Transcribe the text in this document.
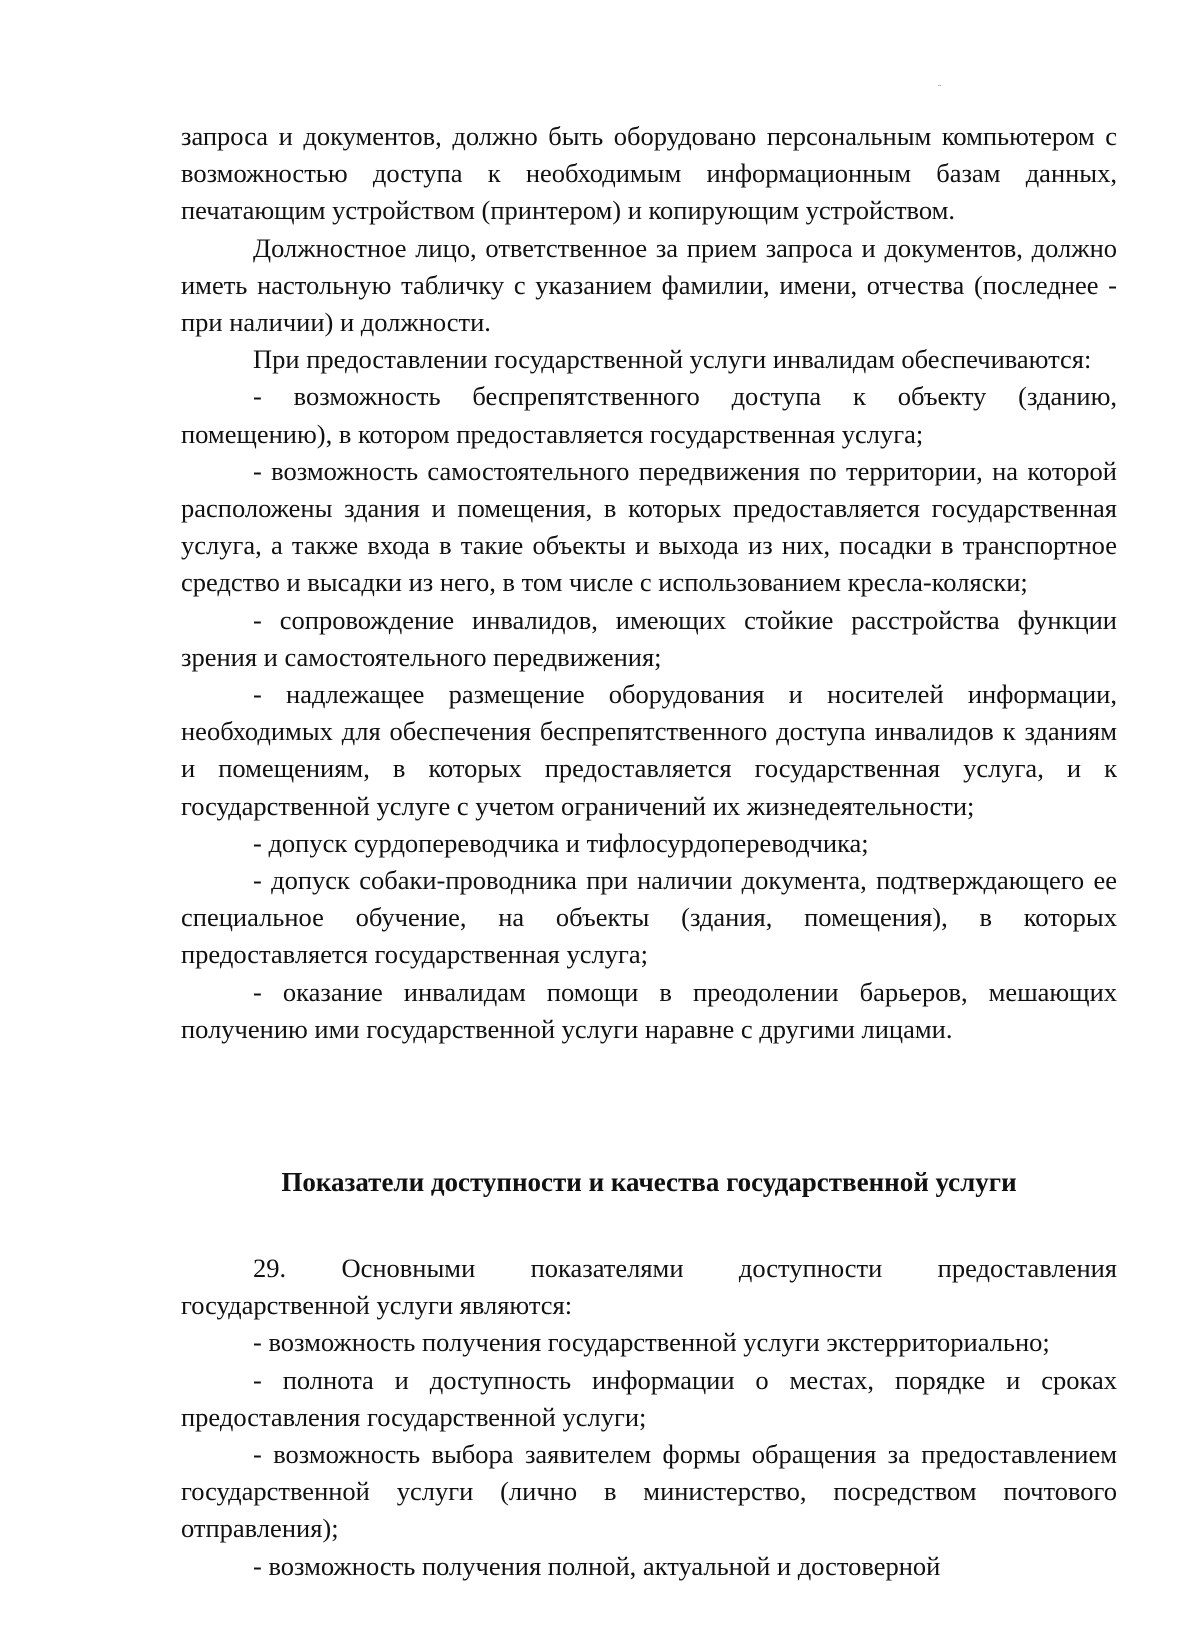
запроса и документов, должно быть оборудовано персональным компьютером с возможностью доступа к необходимым информационным базам данных, печатающим устройством (принтером) и копирующим устройством.

Должностное лицо, ответственное за прием запроса и документов, должно иметь настольную табличку с указанием фамилии, имени, отчества (последнее - при наличии) и должности.

При предоставлении государственной услуги инвалидам обеспечиваются:

- возможность беспрепятственного доступа к объекту (зданию, помещению), в котором предоставляется государственная услуга;

- возможность самостоятельного передвижения по территории, на которой расположены здания и помещения, в которых предоставляется государственная услуга, а также входа в такие объекты и выхода из них, посадки в транспортное средство и высадки из него, в том числе с использованием кресла-коляски;

- сопровождение инвалидов, имеющих стойкие расстройства функции зрения и самостоятельного передвижения;

- надлежащее размещение оборудования и носителей информации, необходимых для обеспечения беспрепятственного доступа инвалидов к зданиям и помещениям, в которых предоставляется государственная услуга, и к государственной услуге с учетом ограничений их жизнедеятельности;

- допуск сурдопереводчика и тифлосурдопереводчика;

- допуск собаки-проводника при наличии документа, подтверждающего ее специальное обучение, на объекты (здания, помещения), в которых предоставляется государственная услуга;

- оказание инвалидам помощи в преодолении барьеров, мешающих получению ими государственной услуги наравне с другими лицами.

Показатели доступности и качества государственной услуги

29. Основными показателями доступности предоставления государственной услуги являются:

- возможность получения государственной услуги экстерриториально;

- полнота и доступность информации о местах, порядке и сроках предоставления государственной услуги;

- возможность выбора заявителем формы обращения за предоставлением государственной услуги (лично в министерство, посредством почтового отправления);

- возможность получения полной, актуальной и достоверной
